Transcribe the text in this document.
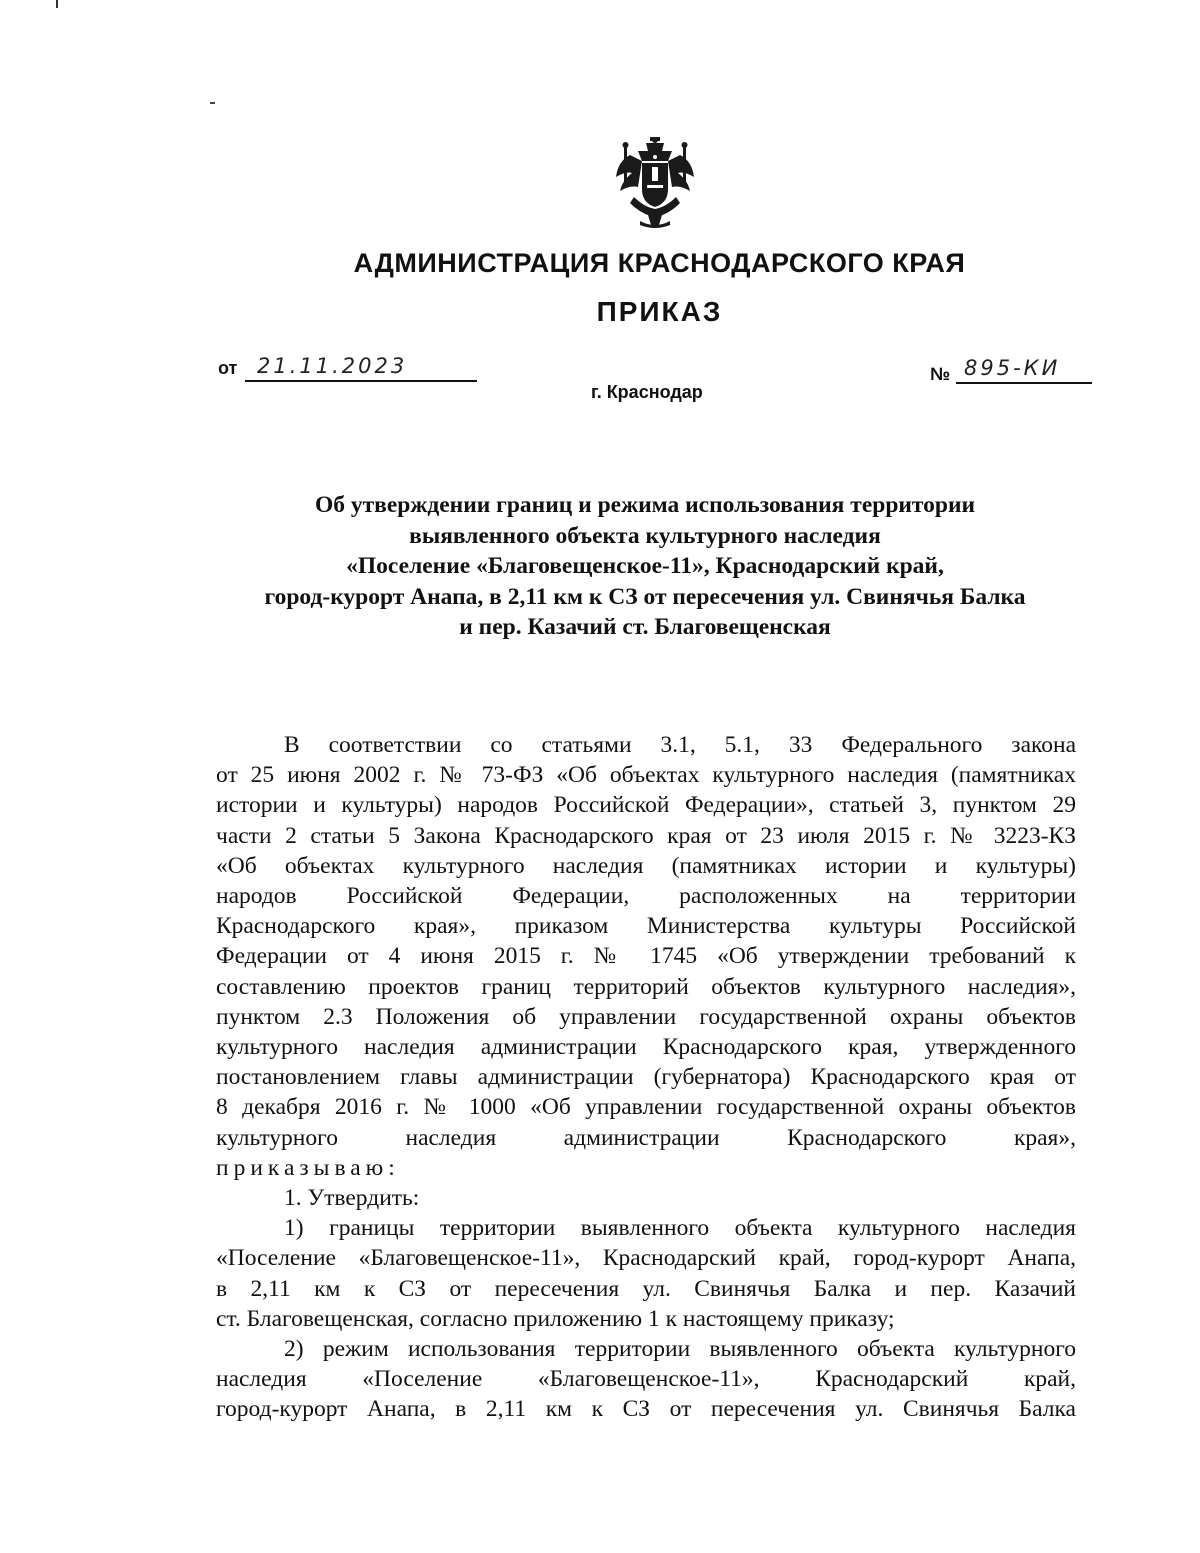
АДМИНИСТРАЦИЯ КРАСНОДАРСКОГО КРАЯ
ПРИКАЗ
от 21.11.2023	№ 895-КИ
г. Краснодар
Об утверждении границ и режима использования территории
выявленного объекта культурного наследия
«Поселение «Благовещенское-11», Краснодарский край,
город-курорт Анапа, в 2,11 км к СЗ от пересечения ул. Свинячья Балка
и пер. Казачий ст. Благовещенская

В соответствии со статьями 3.1, 5.1, 33 Федерального закона
от 25 июня 2002 г. № 73-ФЗ «Об объектах культурного наследия (памятниках
истории и культуры) народов Российской Федерации», статьей 3, пунктом 29
части 2 статьи 5 Закона Краснодарского края от 23 июля 2015 г. № 3223-КЗ
«Об объектах культурного наследия (памятниках истории и культуры)
народов Российской Федерации, расположенных на территории
Краснодарского края», приказом Министерства культуры Российской
Федерации от 4 июня 2015 г. № 1745 «Об утверждении требований к
составлению проектов границ территорий объектов культурного наследия»,
пунктом 2.3 Положения об управлении государственной охраны объектов
культурного наследия администрации Краснодарского края, утвержденного
постановлением главы администрации (губернатора) Краснодарского края от
8 декабря 2016 г. № 1000 «Об управлении государственной охраны объектов
культурного наследия администрации Краснодарского края»,
приказываю:

1. Утвердить:

1) границы территории выявленного объекта культурного наследия
«Поселение «Благовещенское-11», Краснодарский край, город-курорт Анапа,
в 2,11 км к СЗ от пересечения ул. Свинячья Балка и пер. Казачий
ст. Благовещенская, согласно приложению 1 к настоящему приказу;

2) режим использования территории выявленного объекта культурного
наследия «Поселение «Благовещенское-11», Краснодарский край,
город-курорт Анапа, в 2,11 км к СЗ от пересечения ул. Свинячья Балка
